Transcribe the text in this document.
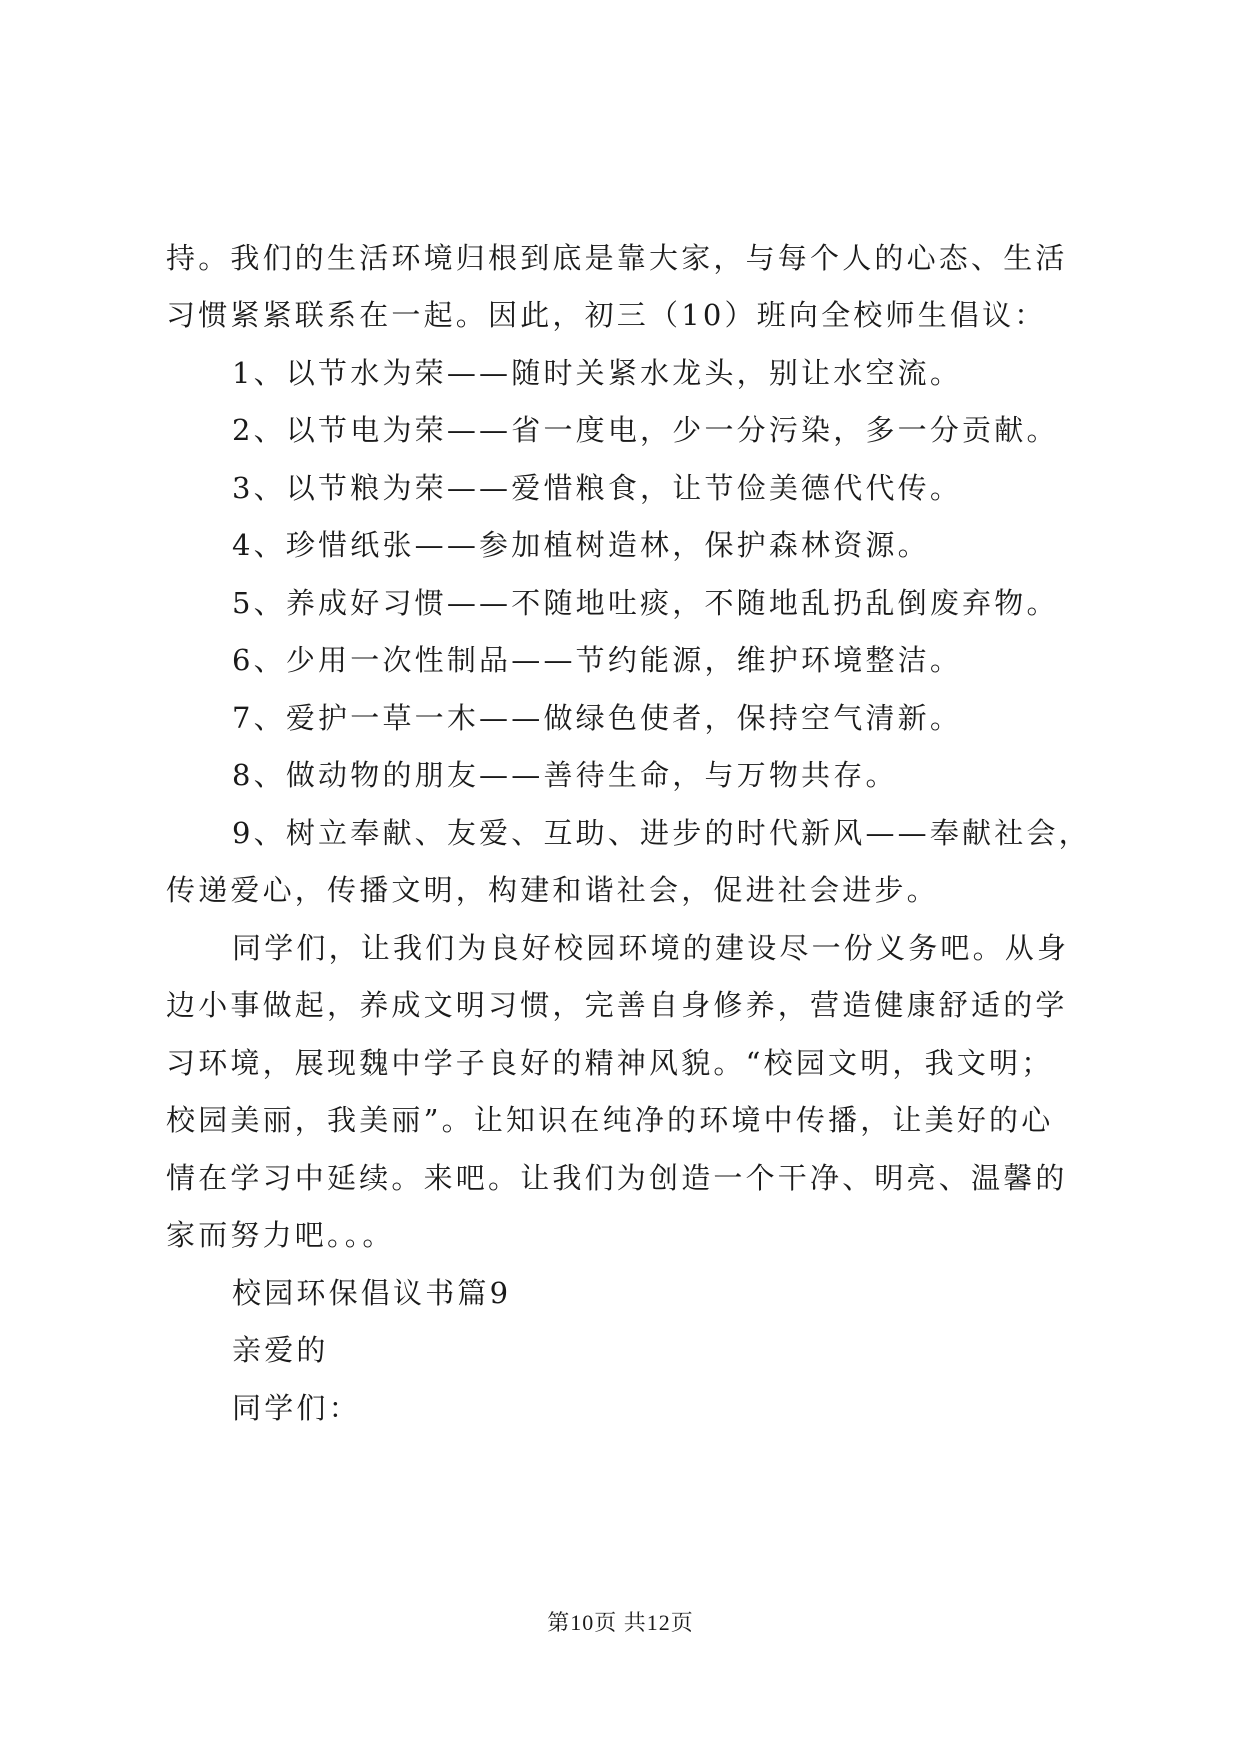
持。我们的生活环境归根到底是靠大家，与每个人的心态、生活
习惯紧紧联系在一起。因此，初三（10）班向全校师生倡议：
1、以节水为荣——随时关紧水龙头，别让水空流。
2、以节电为荣——省一度电，少一分污染，多一分贡献。
3、以节粮为荣——爱惜粮食，让节俭美德代代传。
4、珍惜纸张——参加植树造林，保护森林资源。
5、养成好习惯——不随地吐痰，不随地乱扔乱倒废弃物。
6、少用一次性制品——节约能源，维护环境整洁。
7、爱护一草一木——做绿色使者，保持空气清新。
8、做动物的朋友——善待生命，与万物共存。
9、树立奉献、友爱、互助、进步的时代新风——奉献社会，
传递爱心，传播文明，构建和谐社会，促进社会进步。
同学们，让我们为良好校园环境的建设尽一份义务吧。从身
边小事做起，养成文明习惯，完善自身修养，营造健康舒适的学
习环境，展现魏中学子良好的精神风貌。“校园文明，我文明；
校园美丽，我美丽”。让知识在纯净的环境中传播，让美好的心
情在学习中延续。来吧。让我们为创造一个干净、明亮、温馨的
家而努力吧。。。
校园环保倡议书篇9
亲爱的
同学们：
第10页 共12页
